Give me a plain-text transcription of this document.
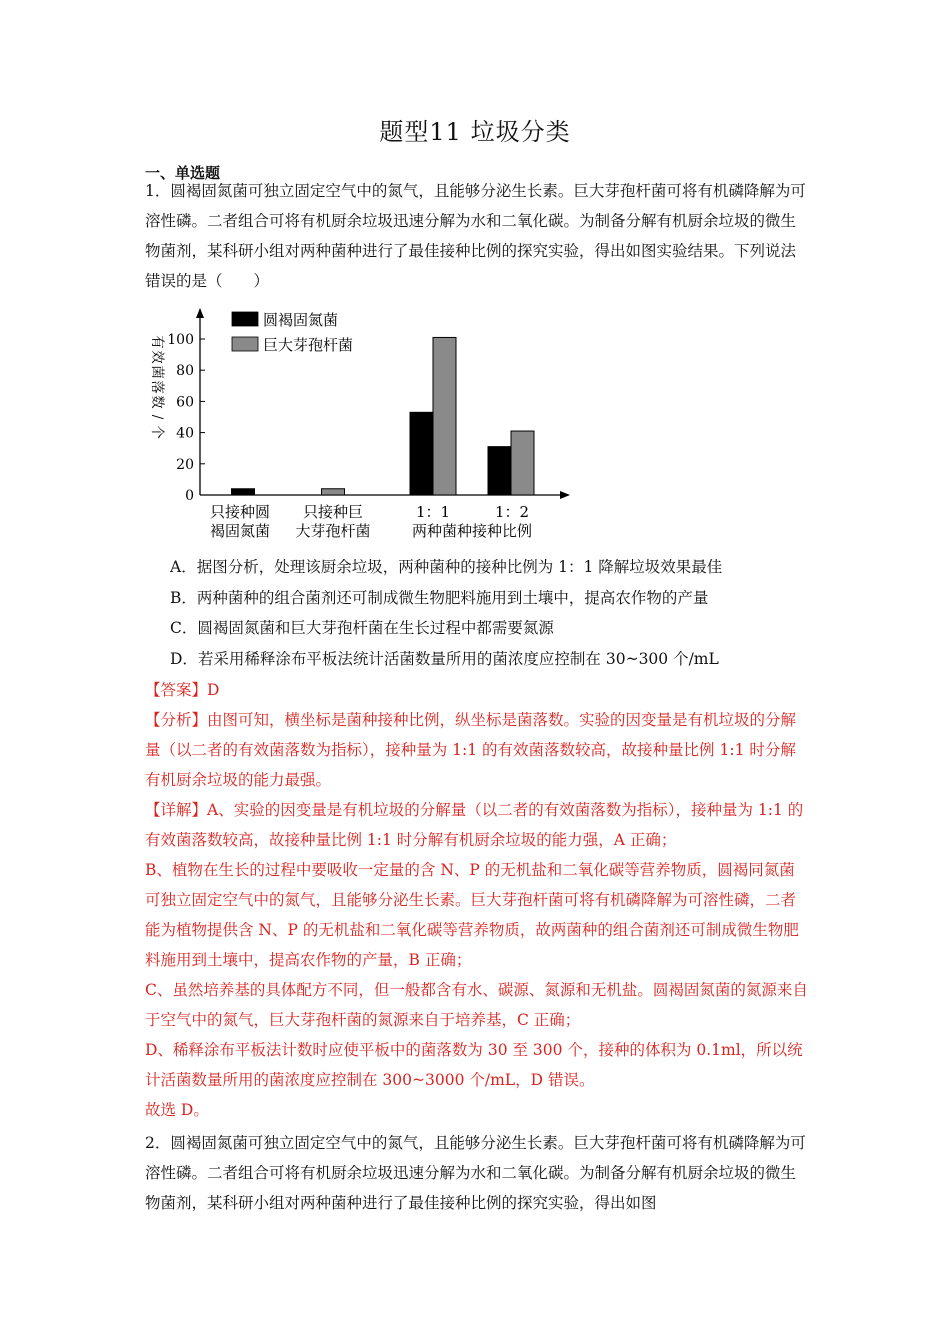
题型11 垃圾分类
一、单选题
1．圆褐固氮菌可独立固定空气中的氮气，且能够分泌生长素。巨大芽孢杆菌可将有机磷降解为可溶性磷。二者组合可将有机厨余垃圾迅速分解为水和二氧化碳。为制备分解有机厨余垃圾的微生物菌剂，某科研小组对两种菌种进行了最佳接种比例的探究实验，得出如图实验结果。下列说法错误的是（　　）
0
20
40
60
80
100
有
效
菌
落
数
/
个
只接种圆
褐固氮菌
只接种巨
大芽孢杆菌
1：1	1：2
两种菌种接种比例
圆褐固氮菌
巨大芽孢杆菌
A．据图分析，处理该厨余垃圾，两种菌种的接种比例为 1：1 降解垃圾效果最佳
B．两种菌种的组合菌剂还可制成微生物肥料施用到土壤中，提高农作物的产量
C．圆褐固氮菌和巨大芽孢杆菌在生长过程中都需要氮源
D．若采用稀释涂布平板法统计活菌数量所用的菌浓度应控制在 30~300 个/mL

【答案】D

【分析】由图可知，横坐标是菌种接种比例，纵坐标是菌落数。实验的因变量是有机垃圾的分解量（以二者的有效菌落数为指标），接种量为 1:1 的有效菌落数较高，故接种量比例 1:1 时分解有机厨余垃圾的能力最强。

【详解】A、实验的因变量是有机垃圾的分解量（以二者的有效菌落数为指标），接种量为 1:1 的有效菌落数较高，故接种量比例 1:1 时分解有机厨余垃圾的能力强，A 正确；

B、植物在生长的过程中要吸收一定量的含 N、P 的无机盐和二氧化碳等营养物质，圆褐同氮菌可独立固定空气中的氮气，且能够分泌生长素。巨大芽孢杆菌可将有机磷降解为可溶性磷，二者能为植物提供含 N、P 的无机盐和二氧化碳等营养物质，故两菌种的组合菌剂还可制成微生物肥料施用到土壤中，提高农作物的产量，B 正确；

C、虽然培养基的具体配方不同，但一般都含有水、碳源、氮源和无机盐。圆褐固氮菌的氮源来自于空气中的氮气，巨大芽孢杆菌的氮源来自于培养基，C 正确；

D、稀释涂布平板法计数时应使平板中的菌落数为 30 至 300 个，接种的体积为 0.1ml，所以统计活菌数量所用的菌浓度应控制在 300~3000 个/mL，D 错误。

故选 D。

2．圆褐固氮菌可独立固定空气中的氮气，且能够分泌生长素。巨大芽孢杆菌可将有机磷降解为可溶性磷。二者组合可将有机厨余垃圾迅速分解为水和二氧化碳。为制备分解有机厨余垃圾的微生物菌剂，某科研小组对两种菌种进行了最佳接种比例的探究实验，得出如图
